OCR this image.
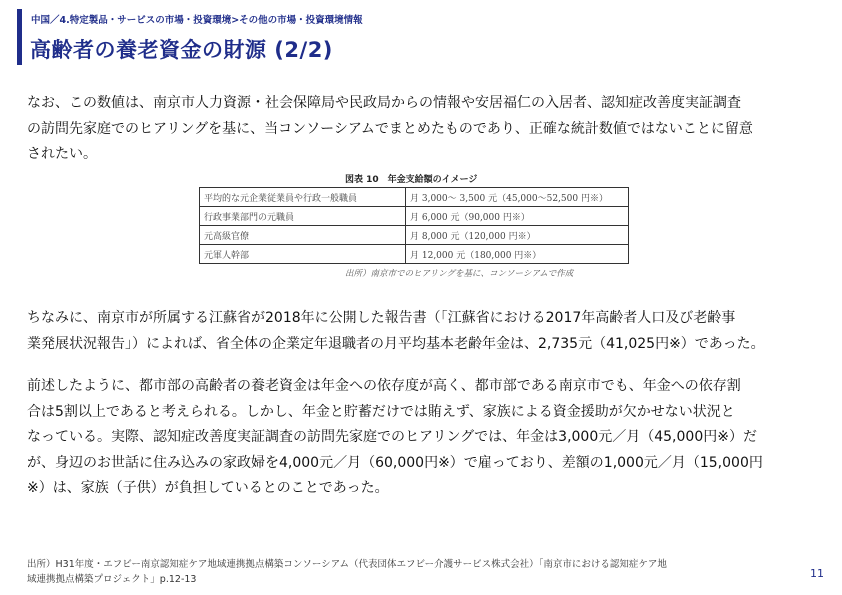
中国／4.特定製品・サービスの市場・投資環境>その他の市場・投資環境情報
高齢者の養老資金の財源 (2/2)
なお、この数値は、南京市人力資源・社会保障局や民政局からの情報や安居福仁の入居者、認知症改善度実証調査
の訪問先家庭でのヒアリングを基に、当コンソーシアムでまとめたものであり、正確な統計数値ではないことに留意
されたい。
図表 10　年金支給額のイメージ
平均的な元企業従業員や行政一般職員	月 3,000～ 3,500 元（45,000～52,500 円※）
行政事業部門の元職員	月 6,000 元（90,000 円※）
元高級官僚	月 8,000 元（120,000 円※）
元軍人幹部	月 12,000 元（180,000 円※）
出所）南京市でのヒアリングを基に、コンソーシアムで作成
ちなみに、南京市が所属する江蘇省が2018年に公開した報告書（「江蘇省における2017年高齢者人口及び老齢事
業発展状況報告」）によれば、省全体の企業定年退職者の月平均基本老齢年金は、2,735元（41,025円※）であった。
前述したように、都市部の高齢者の養老資金は年金への依存度が高く、都市部である南京市でも、年金への依存割
合は5割以上であると考えられる。しかし、年金と貯蓄だけでは賄えず、家族による資金援助が欠かせない状況と
なっている。実際、認知症改善度実証調査の訪問先家庭でのヒアリングでは、年金は3,000元／月（45,000円※）だ
が、身辺のお世話に住み込みの家政婦を4,000元／月（60,000円※）で雇っており、差額の1,000元／月（15,000円
※）は、家族（子供）が負担しているとのことであった。
出所）H31年度・エフビー南京認知症ケア地域連携拠点構築コンソーシアム（代表団体エフビー介護サービス株式会社）「南京市における認知症ケア地
域連携拠点構築プロジェクト」p.12-13	11
